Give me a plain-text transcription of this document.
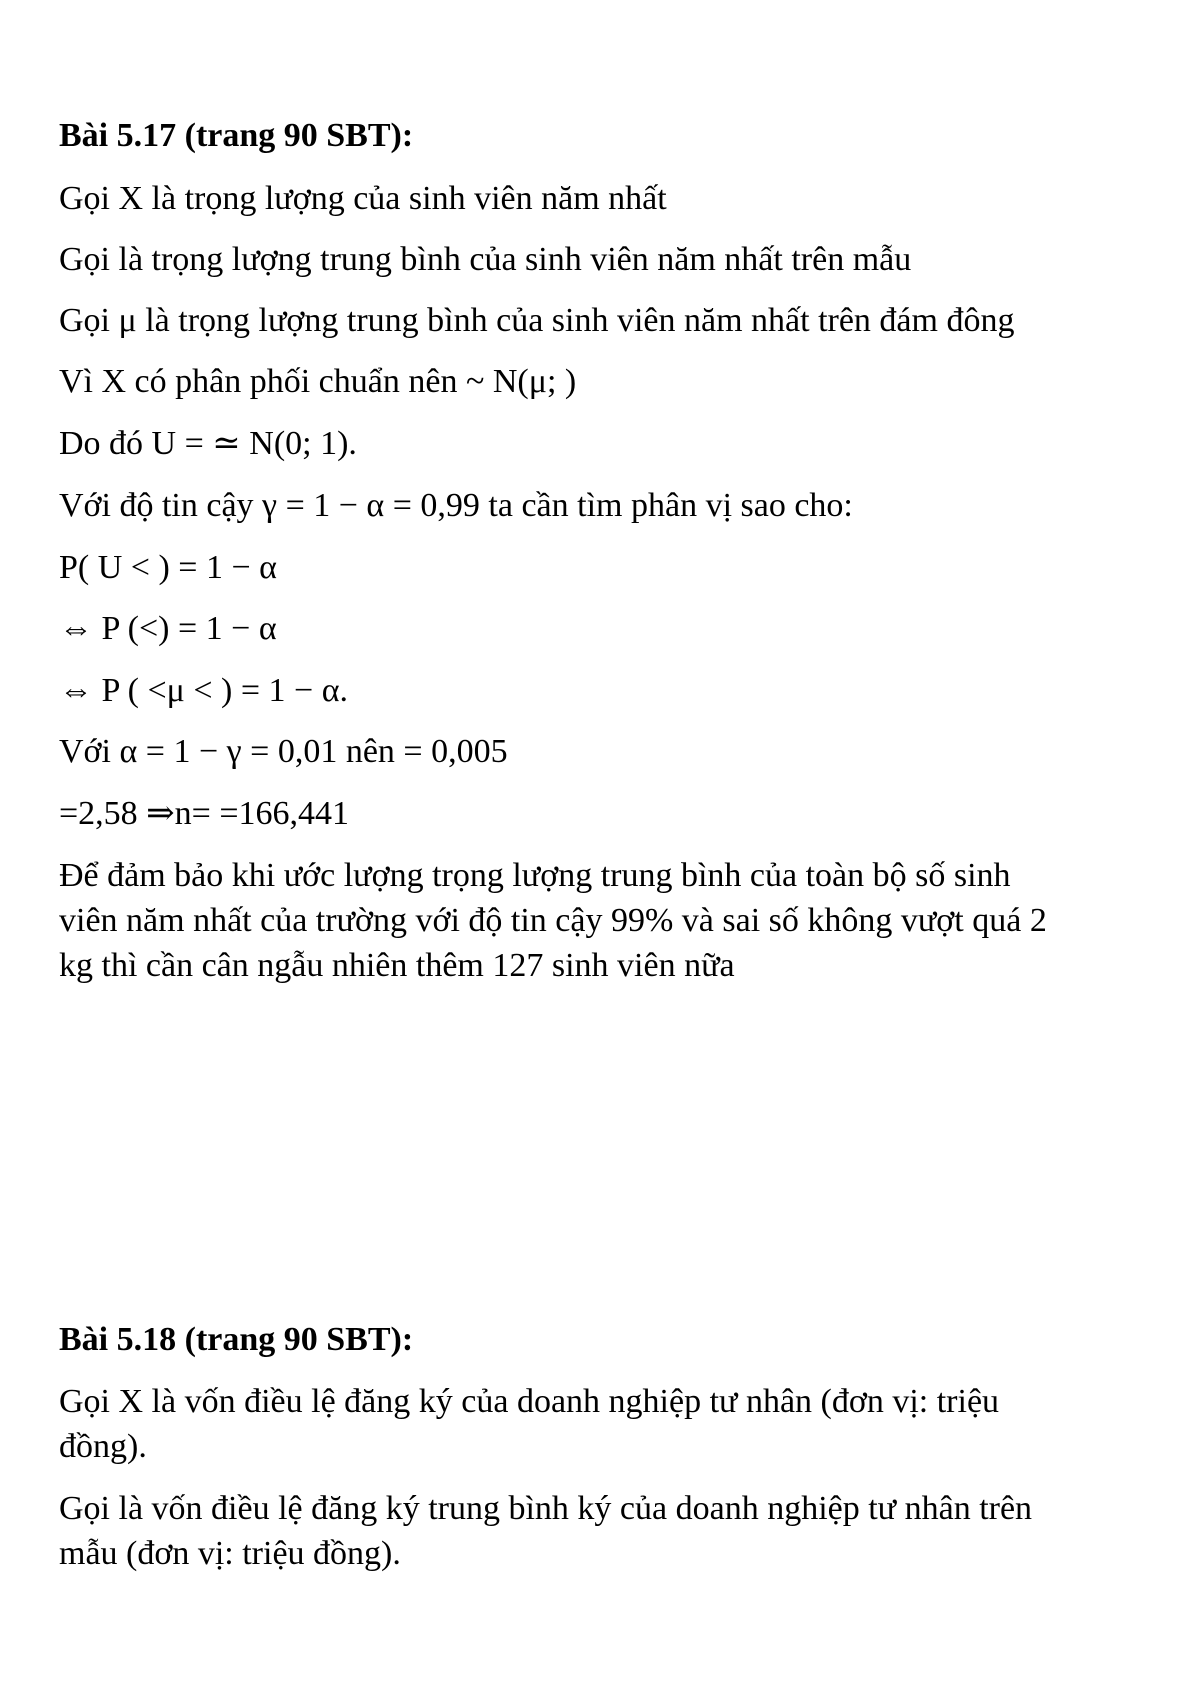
Bài 5.17 (trang 90 SBT):

Gọi X là trọng lượng của sinh viên năm nhất

Gọi là trọng lượng trung bình của sinh viên năm nhất trên mẫu

Gọi μ là trọng lượng trung bình của sinh viên năm nhất trên đám đông

Vì X có phân phối chuẩn nên ~ N(μ; )

Do đó U = ≃ N(0; 1).

Với độ tin cậy γ = 1 − α = 0,99 ta cần tìm phân vị sao cho:

P( U < ) = 1 − α

⇔ P (<) = 1 − α

⇔ P ( <μ < ) = 1 − α.

Với α = 1 − γ = 0,01 nên = 0,005

=2,58 ⇒n= =166,441

Để đảm bảo khi ước lượng trọng lượng trung bình của toàn bộ số sinh

viên năm nhất của trường với độ tin cậy 99% và sai số không vượt quá 2

kg thì cần cân ngẫu nhiên thêm 127 sinh viên nữa

Bài 5.18 (trang 90 SBT):

Gọi X là vốn điều lệ đăng ký của doanh nghiệp tư nhân (đơn vị: triệu

đồng).

Gọi là vốn điều lệ đăng ký trung bình ký của doanh nghiệp tư nhân trên

mẫu (đơn vị: triệu đồng).
